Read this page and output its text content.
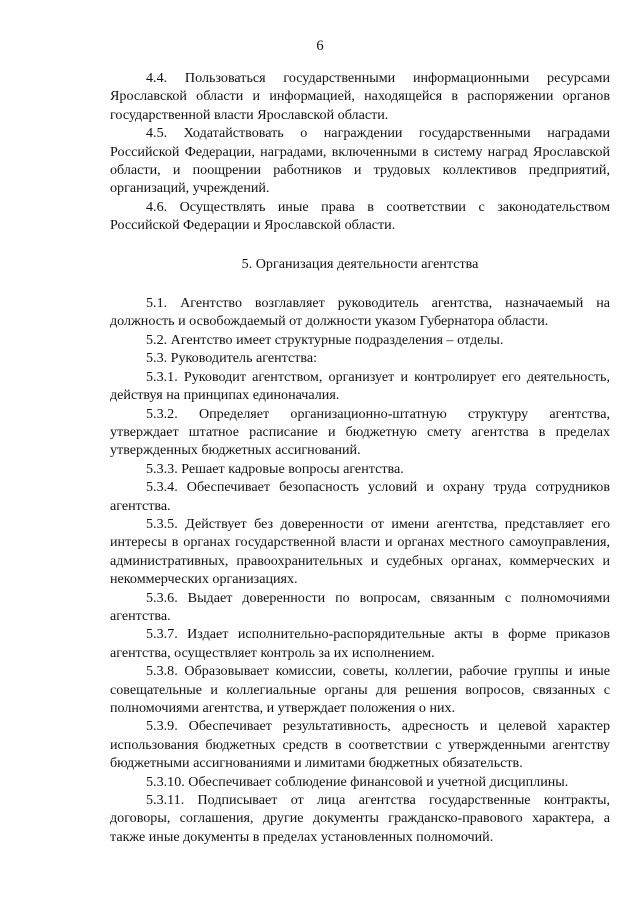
6

4.4. Пользоваться государственными информационными ресурсами Ярославской области и информацией, находящейся в распоряжении органов государственной власти Ярославской области.

4.5. Ходатайствовать о награждении государственными наградами Российской Федерации, наградами, включенными в систему наград Ярославской области, и поощрении работников и трудовых коллективов предприятий, организаций, учреждений.

4.6. Осуществлять иные права в соответствии с законодательством Российской Федерации и Ярославской области.

5. Организация деятельности агентства

5.1. Агентство возглавляет руководитель агентства, назначаемый на должность и освобождаемый от должности указом Губернатора области.

5.2. Агентство имеет структурные подразделения – отделы.

5.3. Руководитель агентства:

5.3.1. Руководит агентством, организует и контролирует его деятельность, действуя на принципах единоначалия.

5.3.2. Определяет организационно-штатную структуру агентства, утверждает штатное расписание и бюджетную смету агентства в пределах утвержденных бюджетных ассигнований.

5.3.3. Решает кадровые вопросы агентства.

5.3.4. Обеспечивает безопасность условий и охрану труда сотрудников агентства.

5.3.5. Действует без доверенности от имени агентства, представляет его интересы в органах государственной власти и органах местного самоуправления, административных, правоохранительных и судебных органах, коммерческих и некоммерческих организациях.

5.3.6. Выдает доверенности по вопросам, связанным с полномочиями агентства.

5.3.7. Издает исполнительно-распорядительные акты в форме приказов агентства, осуществляет контроль за их исполнением.

5.3.8. Образовывает комиссии, советы, коллегии, рабочие группы и иные совещательные и коллегиальные органы для решения вопросов, связанных с полномочиями агентства, и утверждает положения о них.

5.3.9. Обеспечивает результативность, адресность и целевой характер использования бюджетных средств в соответствии с утвержденными агентству бюджетными ассигнованиями и лимитами бюджетных обязательств.

5.3.10. Обеспечивает соблюдение финансовой и учетной дисциплины.

5.3.11. Подписывает от лица агентства государственные контракты, договоры, соглашения, другие документы гражданско-правового характера, а также иные документы в пределах установленных полномочий.
